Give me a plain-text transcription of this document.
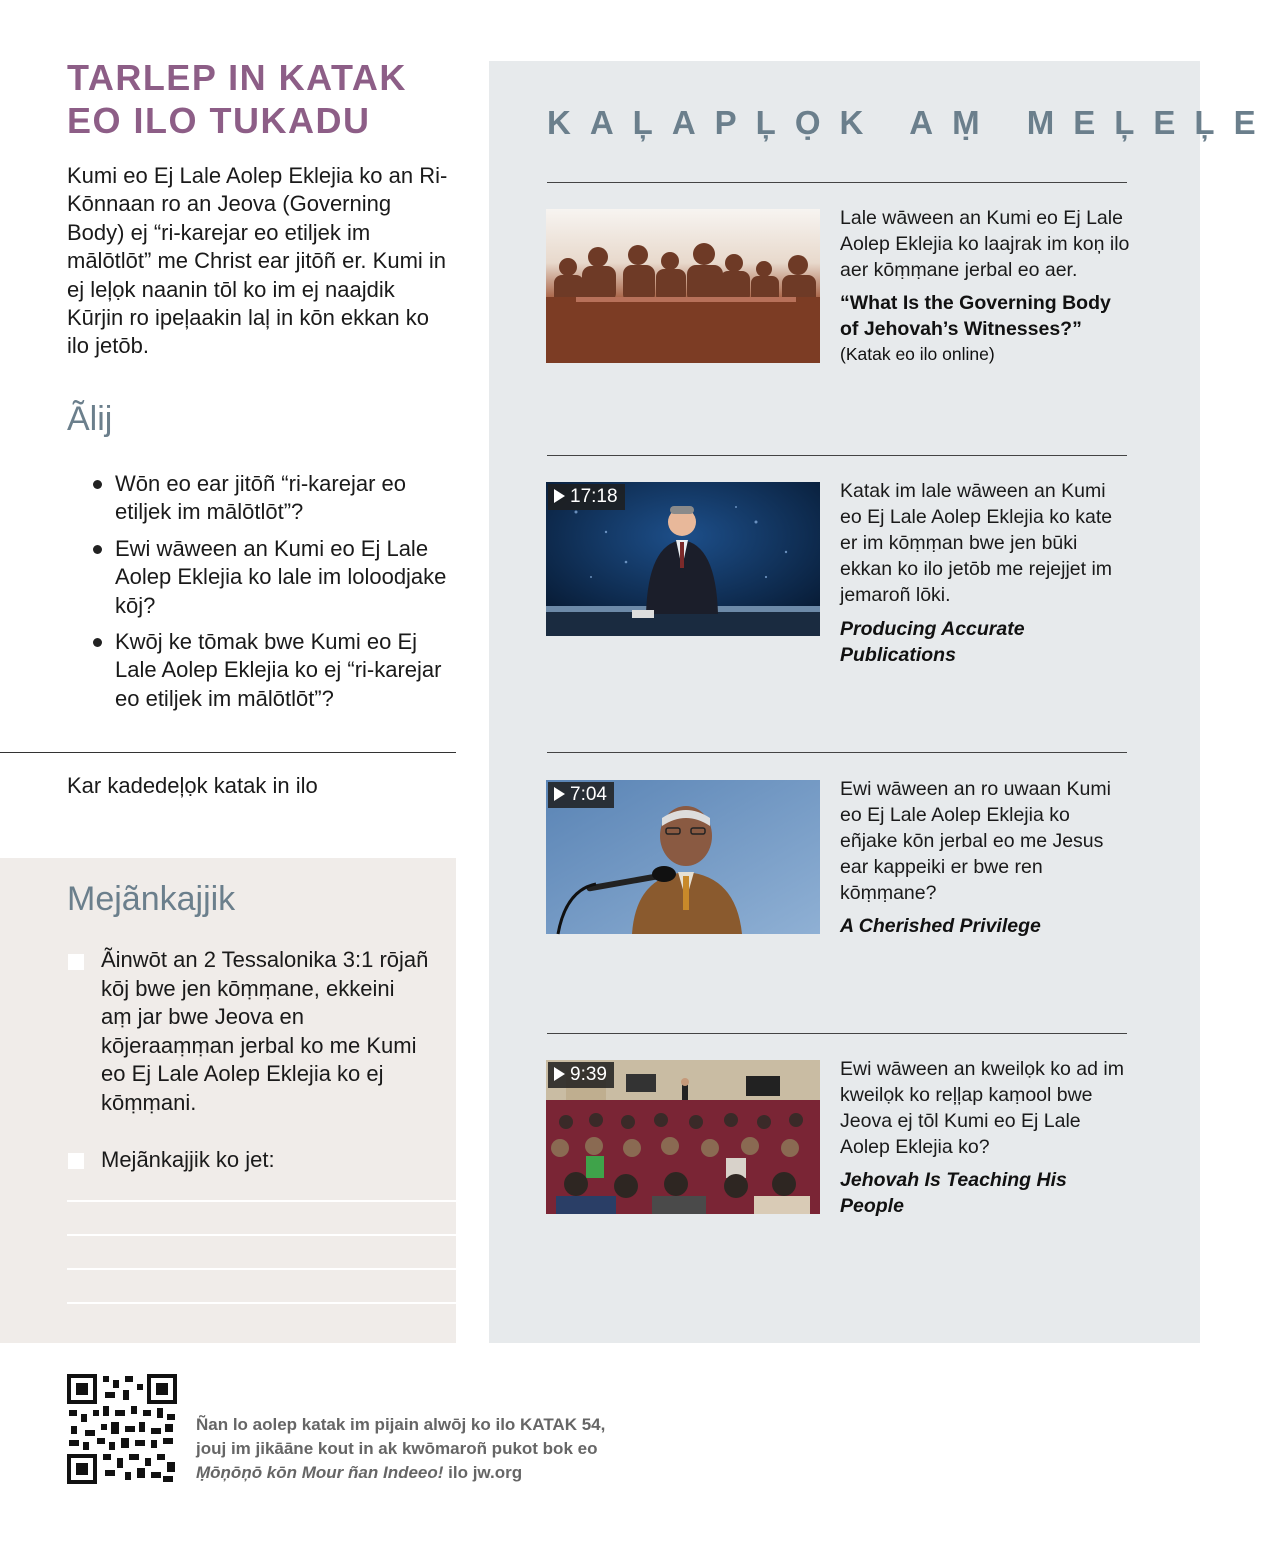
TARLEP IN KATAK
EO ILO TUKADU

Kumi eo Ej Lale Aolep Eklejia ko an Ri-Kōnnaan ro an Jeova (Governing Body) ej “ri-karejar eo etiljek im mālōtlōt” me Christ ear jitōñ er. Kumi in ej leļọk naanin tōl ko im ej naajdik Kūrjin ro ipeļaakin laļ in kōn ekkan ko ilo jetōb.

Ãlij
Wōn eo ear jitōñ “ri-karejar eo etiljek im mālōtlōt”?
Ewi wāween an Kumi eo Ej Lale Aolep Eklejia ko lale im loloodjake kōj?
Kwōj ke tōmak bwe Kumi eo Ej Lale Aolep Eklejia ko ej “ri-karejar eo etiljek im mālōtlōt”?
Kar kadedeļọk katak in ilo
Mejãnkajjik

Ãinwōt an 2 Tessalonika 3:1 rōjañ kōj bwe jen kōṃṃane, ekkeini aṃ jar bwe Jeova en kōjeraaṃṃan jerbal ko me Kumi eo Ej Lale Aolep Eklejia ko ej kōṃṃani.

Mejãnkajjik ko jet:

KAĻAPĻỌK AṂ MEĻEĻE

Lale wāween an Kumi eo Ej Lale Aolep Eklejia ko laajrak im koņ ilo aer kōṃṃane jerbal eo aer.

“What Is the Governing Body of Jehovah’s Witnesses?”

(Katak eo ilo online)

17:18	Katak im lale wāween an Kumi eo Ej Lale Aolep Eklejia ko kate er im kōṃṃan bwe jen būki ekkan ko ilo jetōb me rejejjet im jemaroñ lōki.

Producing Accurate Publications

7:04	Ewi wāween an ro uwaan Kumi eo Ej Lale Aolep Eklejia ko eñjake kōn jerbal eo me Jesus ear kappeiki er bwe ren kōṃṃane?

A Cherished Privilege

9:39	Ewi wāween an kweilọk ko ad im kweilọk ko reļļap kaṃool bwe Jeova ej tōl Kumi eo Ej Lale Aolep Eklejia ko?

Jehovah Is Teaching His People

Ñan lo aolep katak im pijain alwōj ko ilo KATAK 54,
jouj im jikāāne kout in ak kwōmaroñ pukot bok eo
Ṃōņōņō kōn Mour ñan Indeeo! ilo jw.org
